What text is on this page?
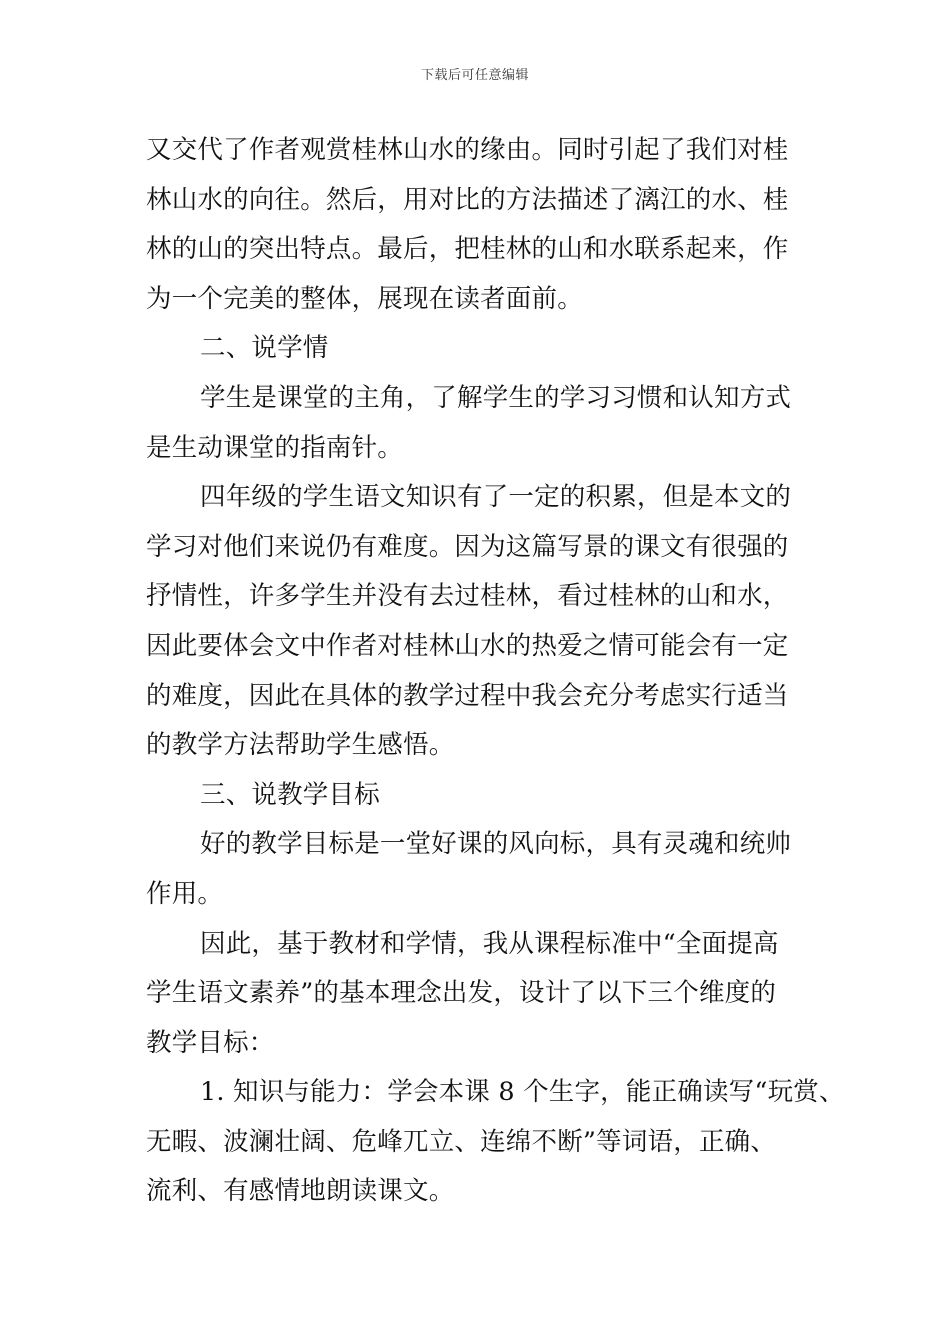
下载后可任意编辑
又交代了作者观赏桂林山水的缘由。同时引起了我们对桂
林山水的向往。然后，用对比的方法描述了漓江的水、桂
林的山的突出特点。最后，把桂林的山和水联系起来，作
为一个完美的整体，展现在读者面前。
二、说学情
学生是课堂的主角，了解学生的学习习惯和认知方式
是生动课堂的指南针。
四年级的学生语文知识有了一定的积累，但是本文的
学习对他们来说仍有难度。因为这篇写景的课文有很强的
抒情性，许多学生并没有去过桂林，看过桂林的山和水，
因此要体会文中作者对桂林山水的热爱之情可能会有一定
的难度，因此在具体的教学过程中我会充分考虑实行适当
的教学方法帮助学生感悟。
三、说教学目标
好的教学目标是一堂好课的风向标，具有灵魂和统帅
作用。
因此，基于教材和学情，我从课程标准中“全面提高
学生语文素养”的基本理念出发，设计了以下三个维度的
教学目标：
1. 知识与能力：学会本课 8 个生字，能正确读写“玩赏、
无暇、波澜壮阔、危峰兀立、连绵不断”等词语，正确、
流利、有感情地朗读课文。
